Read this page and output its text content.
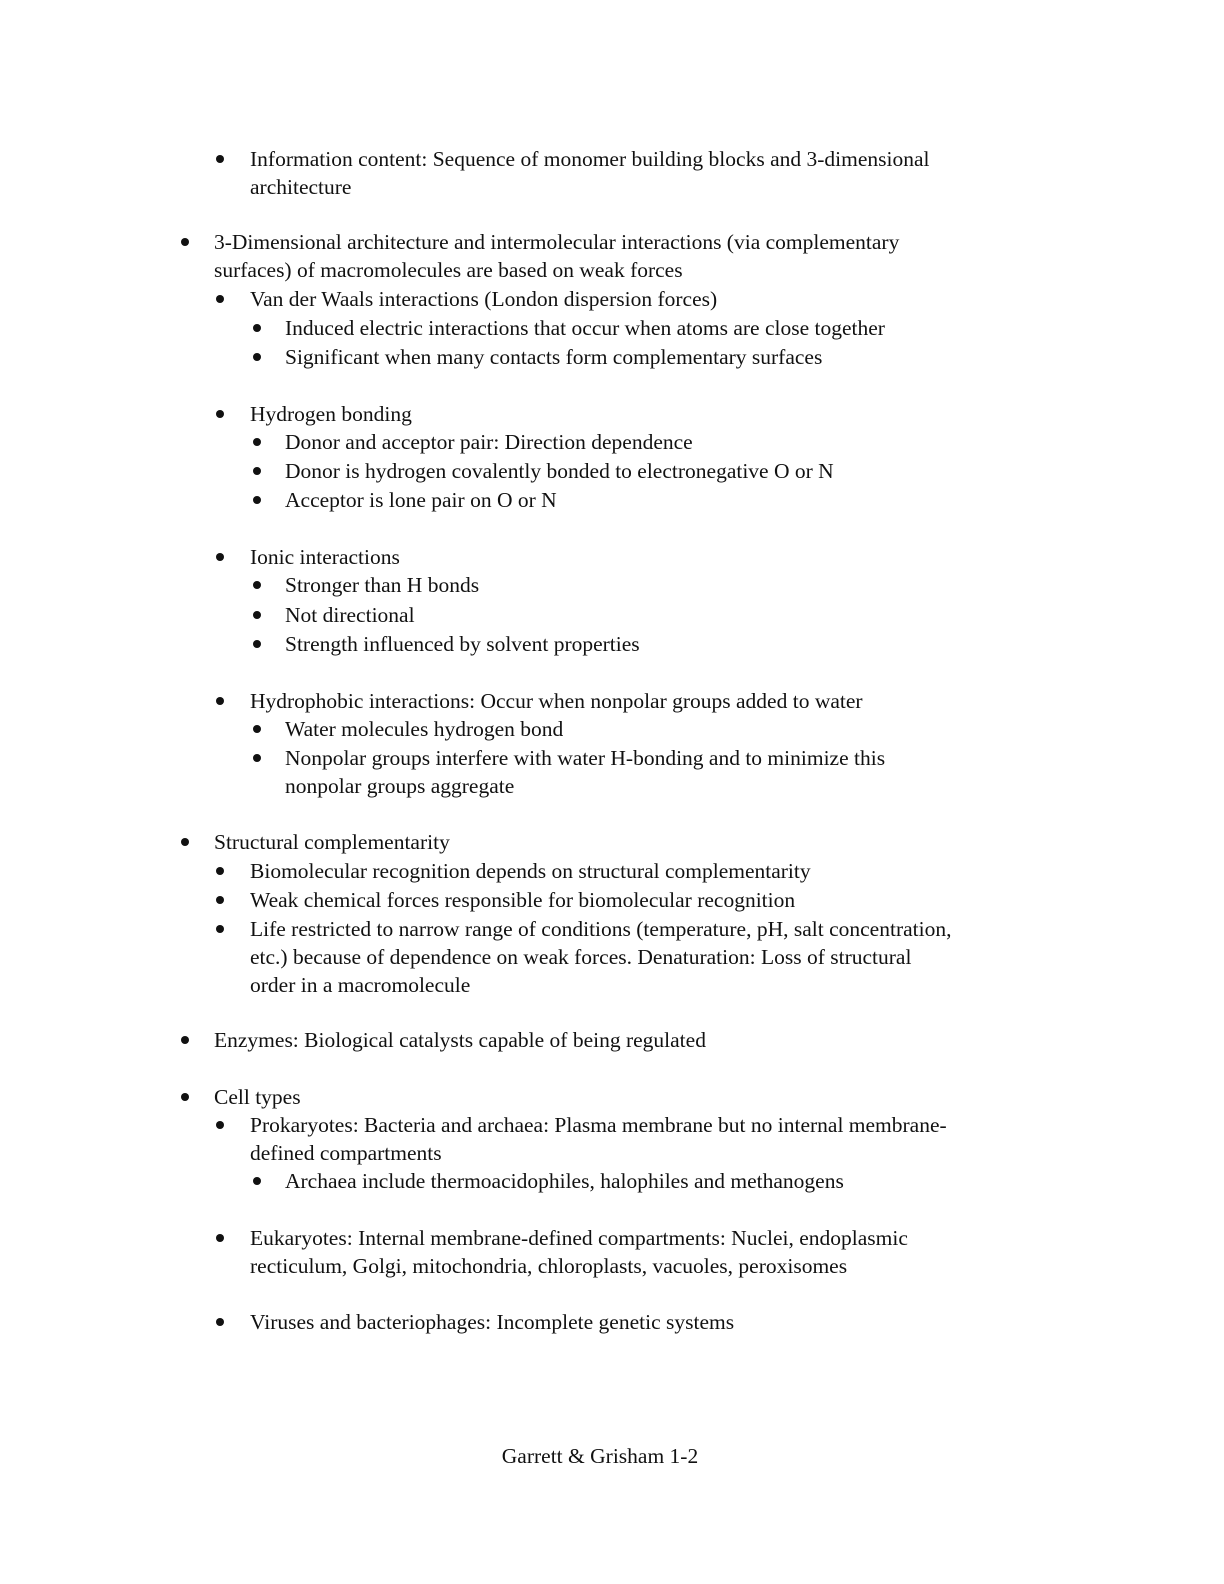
Information content: Sequence of monomer building blocks and 3-dimensional
architecture
3-Dimensional architecture and intermolecular interactions (via complementary
surfaces) of macromolecules are based on weak forces
Van der Waals interactions (London dispersion forces)
Induced electric interactions that occur when atoms are close together
Significant when many contacts form complementary surfaces
Hydrogen bonding
Donor and acceptor pair: Direction dependence
Donor is hydrogen covalently bonded to electronegative O or N
Acceptor is lone pair on O or N
Ionic interactions
Stronger than H bonds
Not directional
Strength influenced by solvent properties
Hydrophobic interactions: Occur when nonpolar groups added to water
Water molecules hydrogen bond
Nonpolar groups interfere with water H-bonding and to minimize this
nonpolar groups aggregate
Structural complementarity
Biomolecular recognition depends on structural complementarity
Weak chemical forces responsible for biomolecular recognition
Life restricted to narrow range of conditions (temperature, pH, salt concentration,
etc.) because of dependence on weak forces. Denaturation: Loss of structural
order in a macromolecule
Enzymes: Biological catalysts capable of being regulated
Cell types
Prokaryotes: Bacteria and archaea: Plasma membrane but no internal membrane-
defined compartments
Archaea include thermoacidophiles, halophiles and methanogens
Eukaryotes: Internal membrane-defined compartments: Nuclei, endoplasmic
recticulum, Golgi, mitochondria, chloroplasts, vacuoles, peroxisomes
Viruses and bacteriophages: Incomplete genetic systems
Garrett & Grisham 1-2
